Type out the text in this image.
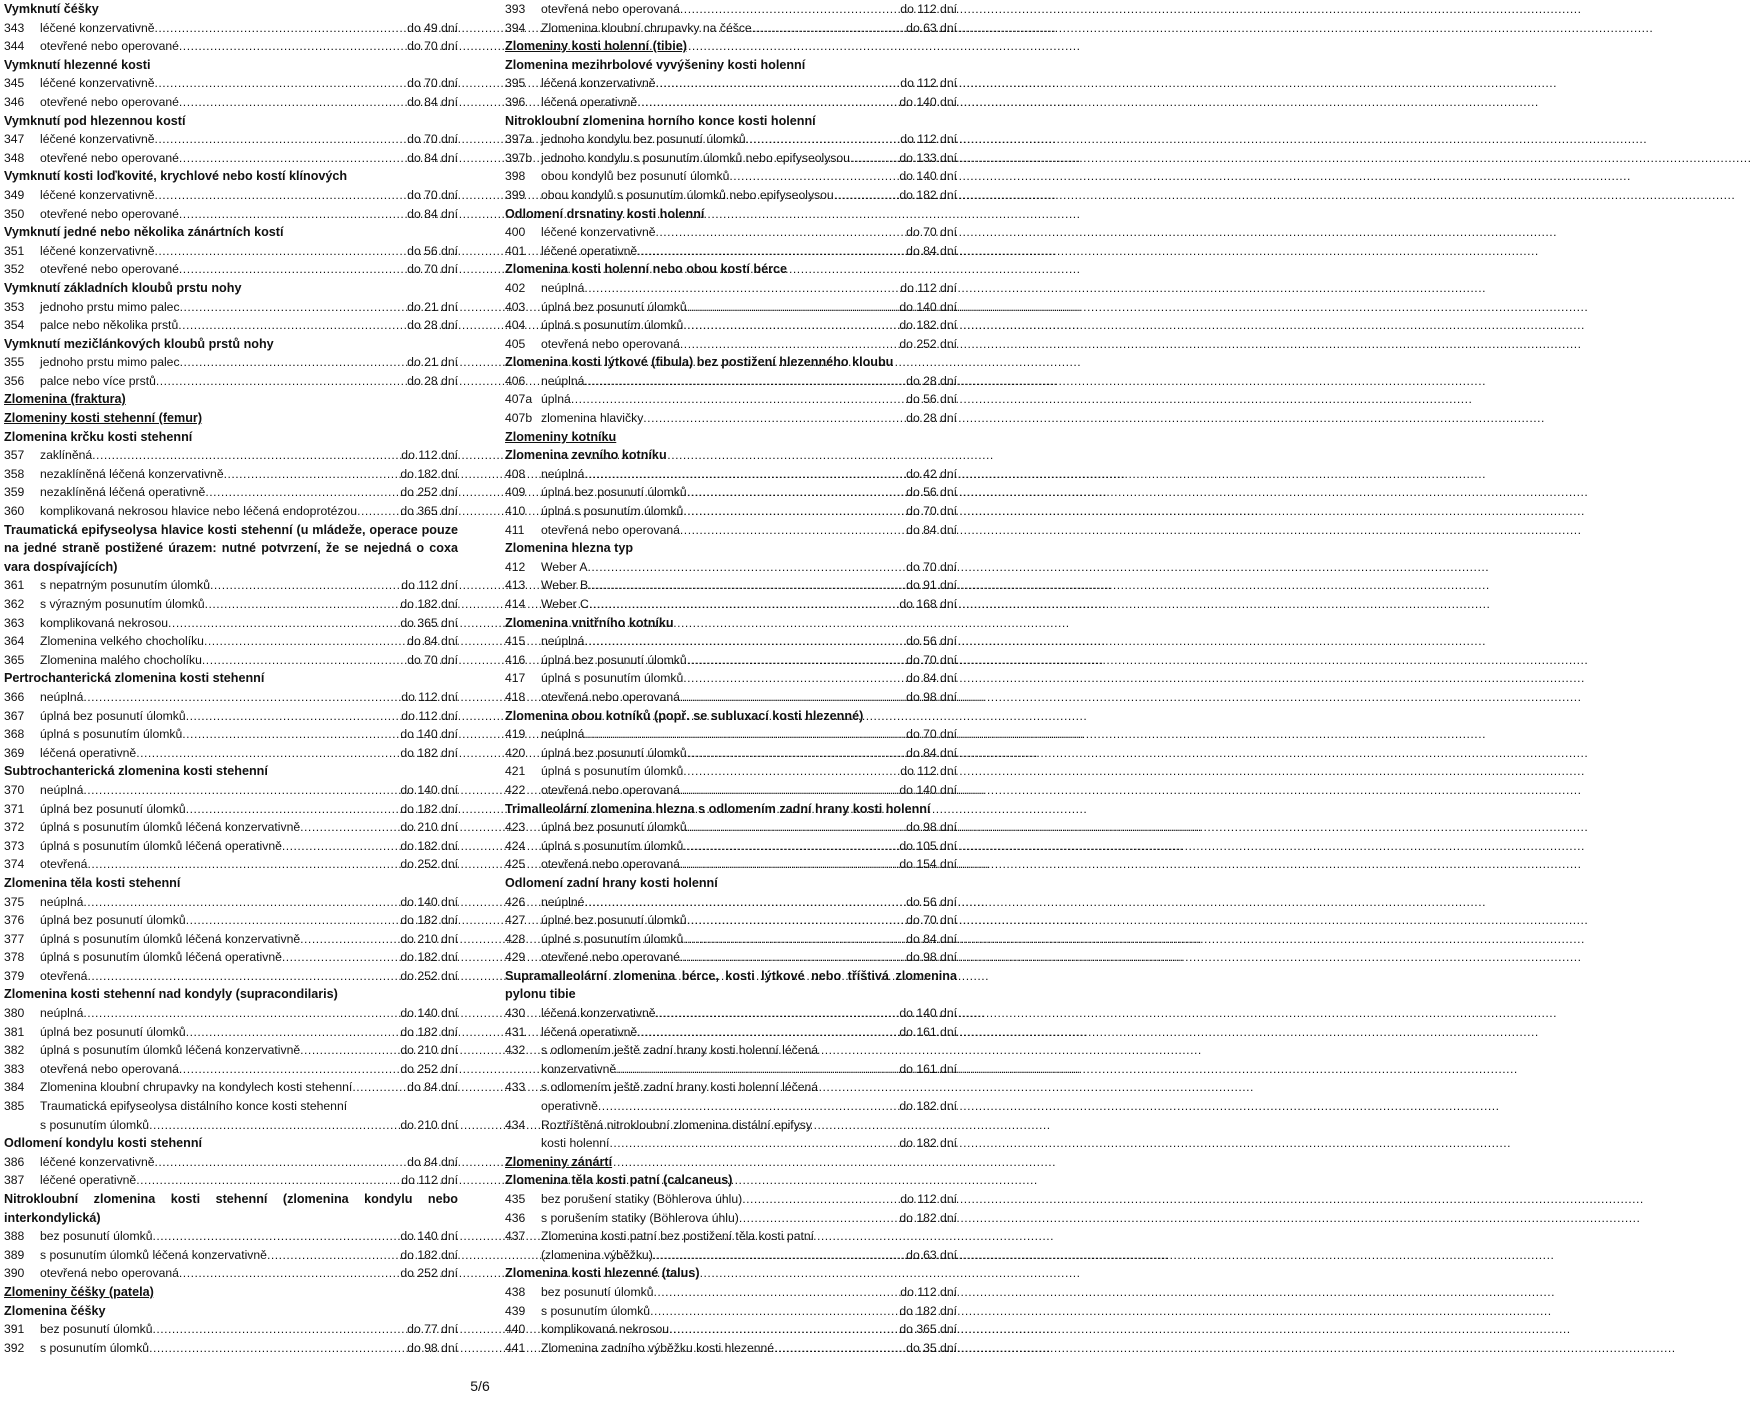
Vymknutí čéšky
343	léčené konzervativně .....	do 49 dní
344	otevřené nebo operované .....	do 70 dní
Vymknutí hlezenné kosti
345	léčené konzervativně .....	do 70 dní
346	otevřené nebo operované .....	do 84 dní
Vymknutí pod hlezennou kostí
347	léčené konzervativně .....	do 70 dní
348	otevřené nebo operované .....	do 84 dní
Vymknutí kosti loďkovité, krychlové nebo kostí klínových
349	léčené konzervativně .....	do 70 dní
350	otevřené nebo operované .....	do 84 dní
Vymknutí jedné nebo několika zánártních kostí
351	léčené konzervativně .....	do 56 dní
352	otevřené nebo operované .....	do 70 dní
Vymknutí základních kloubů prstu nohy
353	jednoho prstu mimo palec .....	do 21 dní
354	palce nebo několika prstů .....	do 28 dní
Vymknutí mezičlánkových kloubů prstů nohy
355	jednoho prstu mimo palec .....	do 21 dní
356	palce nebo více prstů .....	do 28 dní
Zlomenina (fraktura)
Zlomeniny kosti stehenní (femur)
Zlomenina krčku kosti stehenní
357	zaklíněná .....	do 112 dní
358	nezaklíněná léčená konzervativně .....	do 182 dní
359	nezaklíněná léčená operativně .....	do 252 dní
360	komplikovaná nekrosou hlavice nebo léčená endoprotézou .....	do 365 dní
Traumatická epifyseolysa hlavice kosti stehenní (u mládeže, operace pouze na jedné straně postižené úrazem: nutné potvrzení, že se nejedná o coxa vara dospívajících)
361	s nepatrným posunutím úlomků .....	do 112 dní
362	s výrazným posunutím úlomků .....	do 182 dní
363	komplikovaná nekrosou .....	do 365 dní
364	Zlomenina velkého chocholíku .....	do 84 dní
365	Zlomenina malého chocholíku .....	do 70 dní
Pertrochanterická zlomenina kosti stehenní
366	neúplná .....	do 112 dní
367	úplná bez posunutí úlomků .....	do 112 dní
368	úplná s posunutím úlomků .....	do 140 dní
369	léčená operativně .....	do 182 dní
Subtrochanterická zlomenina kosti stehenní
370	neúplná .....	do 140 dní
371	úplná bez posunutí úlomků .....	do 182 dní
372	úplná s posunutím úlomků léčená konzervativně .....	do 210 dní
373	úplná s posunutím úlomků léčená operativně .....	do 182 dní
374	otevřená .....	do 252 dní
Zlomenina těla kosti stehenní
375	neúplná .....	do 140 dní
376	úplná bez posunutí úlomků .....	do 182 dní
377	úplná s posunutím úlomků léčená konzervativně .....	do 210 dní
378	úplná s posunutím úlomků léčená operativně .....	do 182 dní
379	otevřená .....	do 252 dní
Zlomenina kosti stehenní nad kondyly (supracondilaris)
380	neúplná .....	do 140 dní
381	úplná bez posunutí úlomků .....	do 182 dní
382	úplná s posunutím úlomků léčená konzervativně .....	do 210 dní
383	otevřená nebo operovaná .....	do 252 dní
384	Zlomenina kloubní chrupavky na kondylech kosti stehenní .....	do 84 dní
385	Traumatická epifyseolysa distálního konce kosti stehenní
s posunutím úlomků .....	do 210 dní
Odlomení kondylu kosti stehenní
386	léčené konzervativně .....	do 84 dní
387	léčené operativně .....	do 112 dní
Nitrokloubní zlomenina kosti stehenní (zlomenina kondylu nebo interkondylická)
388	bez posunutí úlomků .....	do 140 dní
389	s posunutím úlomků léčená konzervativně .....	do 182 dní
390	otevřená nebo operovaná .....	do 252 dní
Zlomeniny čéšky (patela)
Zlomenina čéšky
391	bez posunutí úlomků .....	do 77 dní
392	s posunutím úlomků .....	do 98 dní
393	otevřená nebo operovaná .....	do 112 dní
394	Zlomenina kloubní chrupavky na čéšce .....	do 63 dní
Zlomeniny kosti holenní (tibie)
Zlomenina mezihrbolové vyvýšeniny kosti holenní
395	léčená konzervativně .....	do 112 dní
396	léčená operativně .....	do 140 dní
Nitrokloubní zlomenina horního konce kosti holenní
397a jednoho kondylu bez posunutí úlomků .....	do 112 dní
397b jednoho kondylu s posunutím úlomků nebo epifyseolysou .....	do 133 dní
398	obou kondylů bez posunutí úlomků .....	do 140 dní
399	obou kondylů s posunutím úlomků nebo epifyseolysou .....	do 182 dní
Odlomení drsnatiny kosti holenní
400	léčené konzervativně .....	do 70 dní
401	léčené operativně .....	do 84 dní
Zlomenina kosti holenní nebo obou kostí bérce
402	neúplná .....	do 112 dní
403	úplná bez posunutí úlomků .....	do 140 dní
404	úplná s posunutím úlomků .....	do 182 dní
405	otevřená nebo operovaná .....	do 252 dní
Zlomenina kosti lýtkové (fibula) bez postižení hlezenného kloubu
406	neúplná .....	do 28 dní
407a úplná .....	do 56 dní
407b zlomenina hlavičky .....	do 28 dní
Zlomeniny kotníku
Zlomenina zevního kotníku
408	neúplná .....	do 42 dní
409	úplná bez posunutí úlomků .....	do 56 dní
410	úplná s posunutím úlomků .....	do 70 dní
411	otevřená nebo operovaná .....	do 84 dní
Zlomenina hlezna typ
412	Weber A .....	do 70 dní
413	Weber B .....	do 91 dní
414	Weber C .....	do 168 dní
Zlomenina vnitřního kotníku
415	neúplná .....	do 56 dní
416	úplná bez posunutí úlomků .....	do 70 dní
417	úplná s posunutím úlomků .....	do 84 dní
418	otevřená nebo operovaná .....	do 98 dní
Zlomenina obou kotníků (popř. se subluxací kosti hlezenné)
419	neúplná .....	do 70 dní
420	úplná bez posunutí úlomků .....	do 84 dní
421	úplná s posunutím úlomků .....	do 112 dní
422	otevřená nebo operovaná .....	do 140 dní
Trimalleolární zlomenina hlezna s odlomením zadní hrany kosti holenní
423	úplná bez posunutí úlomků .....	do 98 dní
424	úplná s posunutím úlomků .....	do 105 dní
425	otevřená nebo operovaná .....	do 154 dní
Odlomení zadní hrany kosti holenní
426	neúplné .....	do 56 dní
427	úplné bez posunutí úlomků .....	do 70 dní
428	úplné s posunutím úlomků .....	do 84 dní
429	otevřené nebo operované .....	do 98 dní
Supramalleolární zlomenina bérce, kosti lýtkové nebo tříštivá zlomenina pylonu tibie
430	léčená konzervativně .....	do 140 dní
431	léčená operativně .....	do 161 dní
432	s odlomením ještě zadní hrany kosti holenní léčená
konzervativně .....	do 161 dní
433	s odlomením ještě zadní hrany kosti holenní léčená
operativně .....	do 182 dní
434	Roztříštěná nitrokloubní zlomenina distální epifysy
kosti holenní .....	do 182 dní
Zlomeniny zánártí
Zlomenina těla kosti patní (calcaneus)
435	bez porušení statiky (Böhlerova úhlu) .....	do 112 dní
436	s porušením statiky (Böhlerova úhlu) .....	do 182 dní
437	Zlomenina kosti patní bez postižení těla kosti patní
(zlomenina výběžku) .....	do 63 dní
Zlomenina kosti hlezenné (talus)
438	bez posunutí úlomků .....	do 112 dní
439	s posunutím úlomků .....	do 182 dní
440	komplikovaná nekrosou .....	do 365 dní
441	Zlomenina zadního výběžku kosti hlezenné .....	do 35 dní
5/6
